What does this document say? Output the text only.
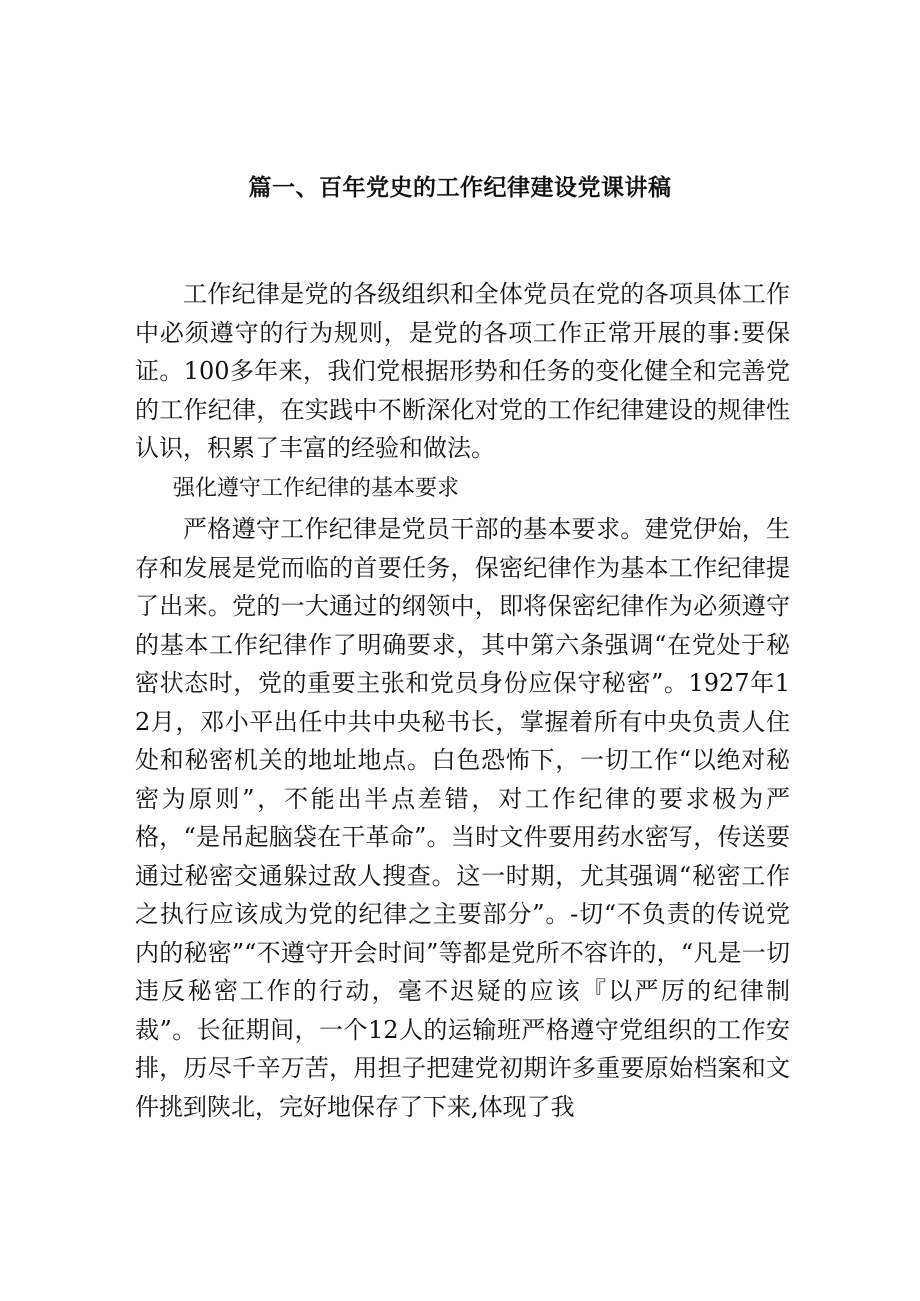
篇一、百年党史的工作纪律建设党课讲稿

工作纪律是党的各级组织和全体党员在党的各项具体工作中必须遵守的行为规则，是党的各项工作正常开展的事:要保证。100多年来，我们党根据形势和任务的变化健全和完善党的工作纪律，在实践中不断深化对党的工作纪律建设的规律性认识，积累了丰富的经验和做法。

强化遵守工作纪律的基本要求

严格遵守工作纪律是党员干部的基本要求。建党伊始，生存和发展是党而临的首要任务，保密纪律作为基本工作纪律提了出来。党的一大通过的纲领中，即将保密纪律作为必须遵守的基本工作纪律作了明确要求，其中第六条强调“在党处于秘密状态时，党的重要主张和党员身份应保守秘密”。1927年12月，邓小平出任中共中央秘书长，掌握着所有中央负责人住处和秘密机关的地址地点。白色恐怖下，一切工作“以绝对秘密为原则”，不能出半点差错，对工作纪律的要求极为严格，“是吊起脑袋在干革命”。当时文件要用药水密写，传送要通过秘密交通躲过敌人搜查。这一时期，尤其强调“秘密工作之执行应该成为党的纪律之主要部分”。-切“不负责的传说党内的秘密”“不遵守开会时间”等都是党所不容许的，“凡是一切违反秘密工作的行动，毫不迟疑的应该『以严厉的纪律制裁”。长征期间，一个12人的运输班严格遵守党组织的工作安排，历尽千辛万苦，用担子把建党初期许多重要原始档案和文件挑到陕北，完好地保存了下来,体现了我
